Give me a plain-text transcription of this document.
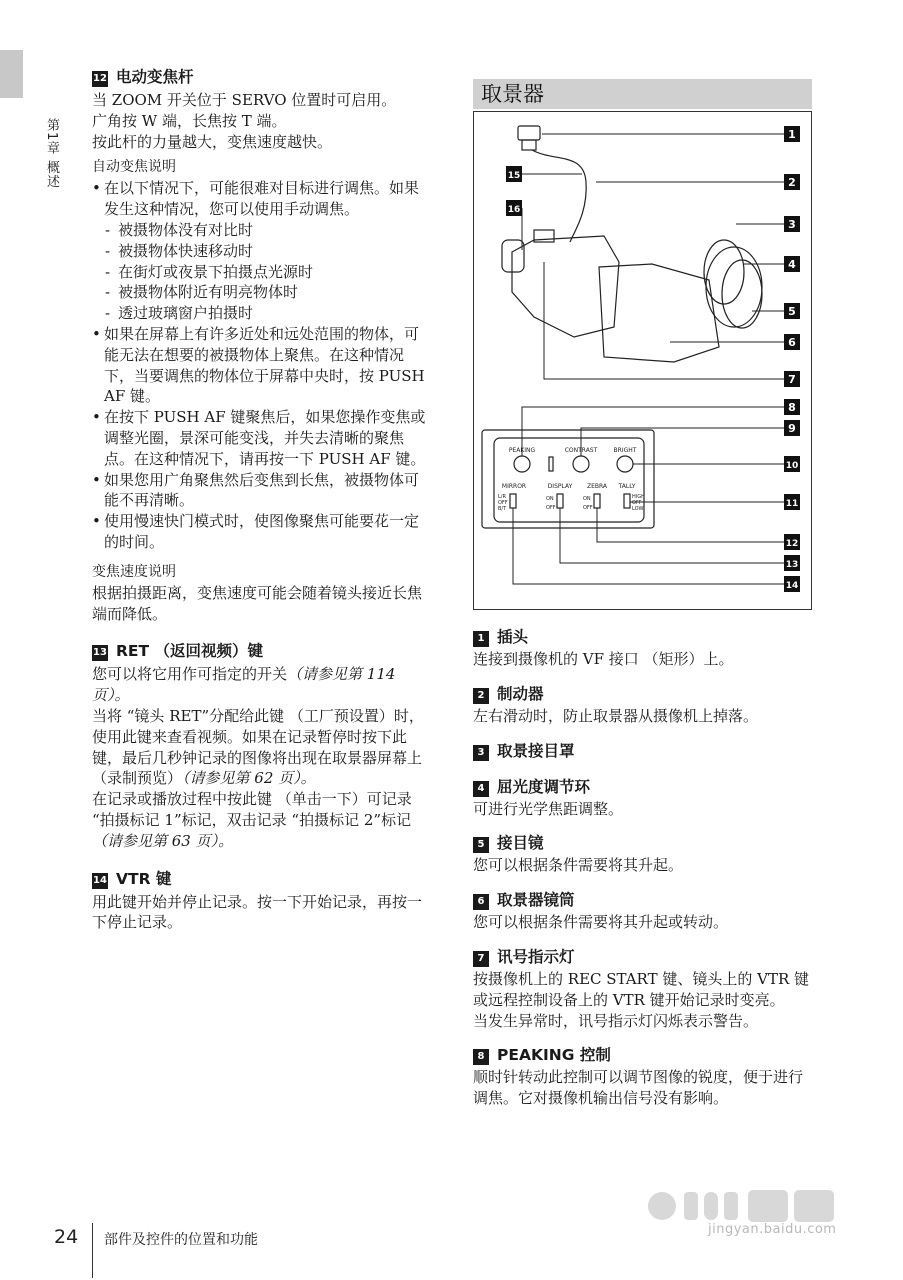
第1章 概述
12 电动变焦杆

当 ZOOM 开关位于 SERVO 位置时可启用。

广角按 W 端，长焦按 T 端。

按此杆的力量越大，变焦速度越快。

自动变焦说明
• 在以下情况下，可能很难对目标进行调焦。如果发生这种情况，您可以使用手动调焦。
- 被摄物体没有对比时
- 被摄物体快速移动时
- 在街灯或夜景下拍摄点光源时
- 被摄物体附近有明亮物体时
- 透过玻璃窗户拍摄时
• 如果在屏幕上有许多近处和远处范围的物体，可能无法在想要的被摄物体上聚焦。在这种情况下，当要调焦的物体位于屏幕中央时，按 PUSH AF 键。
• 在按下 PUSH AF 键聚焦后，如果您操作变焦或调整光圈，景深可能变浅，并失去清晰的聚焦点。在这种情况下，请再按一下 PUSH AF 键。
• 如果您用广角聚焦然后变焦到长焦，被摄物体可能不再清晰。
• 使用慢速快门模式时，使图像聚焦可能要花一定的时间。
变焦速度说明

根据拍摄距离，变焦速度可能会随着镜头接近长焦端而降低。

13 RET （返回视频）键

您可以将它用作可指定的开关（请参见第 114 页）。

当将 “镜头 RET”分配给此键 （工厂预设置）时，使用此键来查看视频。如果在记录暂停时按下此键，最后几秒钟记录的图像将出现在取景器屏幕上 （录制预览）（请参见第 62 页）。

在记录或播放过程中按此键 （单击一下）可记录 “拍摄标记 1”标记，双击记录 “拍摄标记 2”标记（请参见第 63 页）。

14 VTR 键

用此键开始并停止记录。按一下开始记录，再按一下停止记录。

取景器
1
2
3
4
5
6
7
8
9
10
11
12
13
14
15
16
PEAKING	CONTRAST	BRIGHT
MIRROR	DISPLAY ZEBRA TALLY
L/R
OFF
B/T
ON
OFF
ON
OFF
HIGH
OFF
LOW
1 插头

连接到摄像机的 VF 接口 （矩形）上。

2 制动器

左右滑动时，防止取景器从摄像机上掉落。

3 取景接目罩
4 屈光度调节环

可进行光学焦距调整。

5 接目镜

您可以根据条件需要将其升起。

6 取景器镜筒

您可以根据条件需要将其升起或转动。

7 讯号指示灯

按摄像机上的 REC START 键、镜头上的 VTR 键或远程控制设备上的 VTR 键开始记录时变亮。

当发生异常时，讯号指示灯闪烁表示警告。

8 PEAKING 控制

顺时针转动此控制可以调节图像的锐度，便于进行调焦。它对摄像机输出信号没有影响。

24 部件及控件的位置和功能
jingyan.baidu.com
